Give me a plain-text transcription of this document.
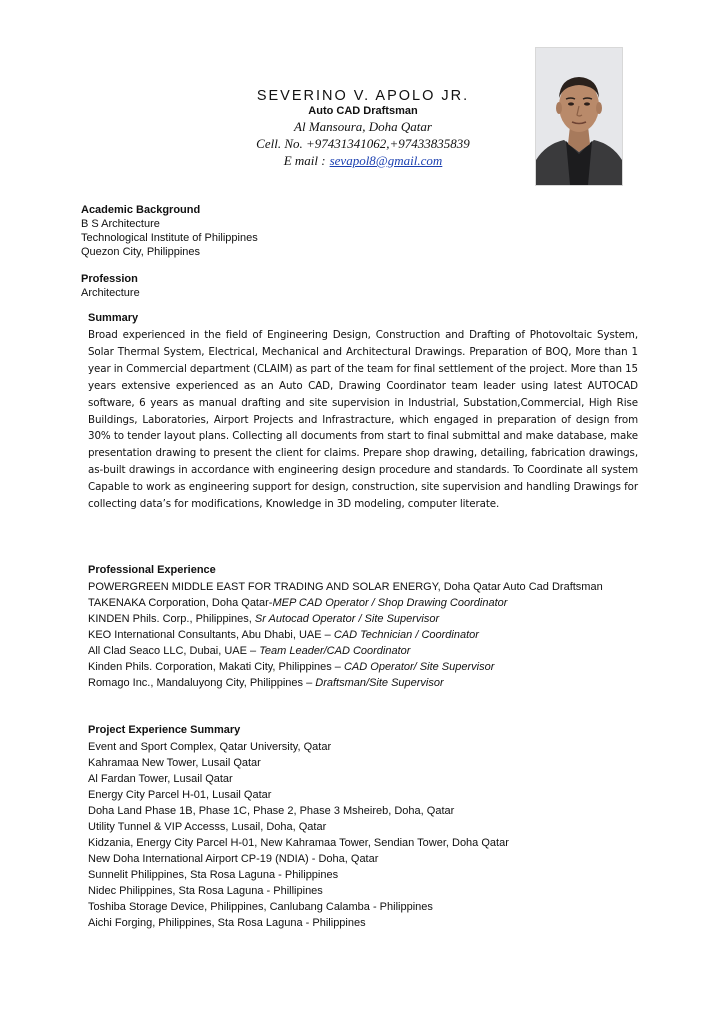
SEVERINO V. APOLO JR.
Auto CAD Draftsman
Al Mansoura, Doha Qatar
Cell. No. +97431341062,+97433835839
E mail : sevapol8@gmail.com
Academic Background
B S Architecture
Technological Institute of Philippines
Quezon City, Philippines
Profession
Architecture
Summary
Broad experienced in the field of Engineering Design, Construction and Drafting of Photovoltaic System, Solar Thermal System, Electrical, Mechanical and Architectural Drawings. Preparation of BOQ, More than 1 year in Commercial department (CLAIM) as part of the team for final settlement of the project. More than 15 years extensive experienced as an Auto CAD, Drawing Coordinator team leader using latest AUTOCAD software, 6 years as manual drafting and site supervision in Industrial, Substation,Commercial, High Rise Buildings, Laboratories, Airport Projects and Infrastracture, which engaged in preparation of design from 30% to tender layout plans. Collecting all documents from start to final submittal and make database, make presentation drawing to present the client for claims. Prepare shop drawing, detailing, fabrication drawings, as-built drawings in accordance with engineering design procedure and standards. To Coordinate all system Capable to work as engineering support for design, construction, site supervision and handling Drawings for collecting data’s for modifications, Knowledge in 3D modeling, computer literate.
Professional Experience
POWERGREEN MIDDLE EAST FOR TRADING AND SOLAR ENERGY, Doha Qatar Auto Cad Draftsman
TAKENAKA Corporation, Doha Qatar-MEP CAD Operator / Shop Drawing Coordinator
KINDEN Phils. Corp., Philippines, Sr Autocad Operator / Site Supervisor
KEO International Consultants, Abu Dhabi, UAE – CAD Technician / Coordinator
All Clad Seaco LLC, Dubai, UAE – Team Leader/CAD Coordinator
Kinden Phils. Corporation, Makati City, Philippines – CAD Operator/ Site Supervisor
Romago Inc., Mandaluyong City, Philippines – Draftsman/Site Supervisor
Project Experience Summary
Event and Sport Complex, Qatar University, Qatar
Kahramaa New Tower, Lusail Qatar
Al Fardan Tower, Lusail Qatar
Energy City Parcel H-01, Lusail Qatar
Doha Land Phase 1B, Phase 1C, Phase 2, Phase 3 Msheireb, Doha, Qatar
Utility Tunnel & VIP Accesss, Lusail, Doha, Qatar
Kidzania, Energy City Parcel H-01, New Kahramaa Tower, Sendian Tower, Doha Qatar
New Doha International Airport CP-19 (NDIA) - Doha, Qatar
Sunnelit Philippines, Sta Rosa Laguna - Philippines
Nidec Philippines, Sta Rosa Laguna - Phillipines
Toshiba Storage Device, Philippines, Canlubang Calamba - Philippines
Aichi Forging, Philippines, Sta Rosa Laguna - Philippines
